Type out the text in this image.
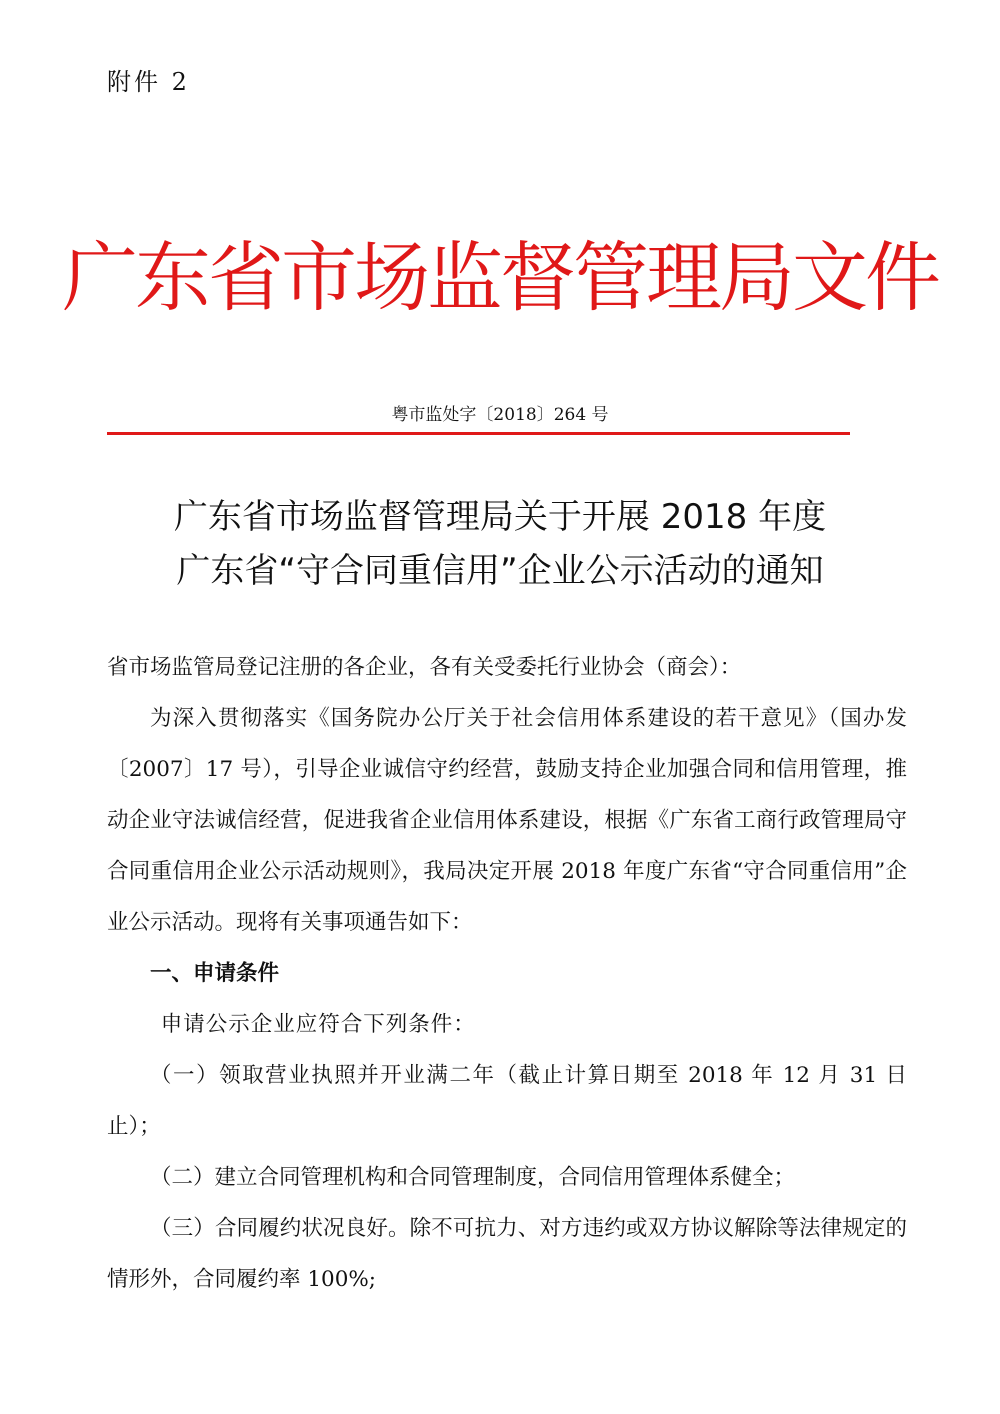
附件 2
广东省市场监督管理局文件
粤市监处字〔2018〕264 号
广东省市场监督管理局关于开展 2018 年度
广东省“守合同重信用”企业公示活动的通知

省市场监管局登记注册的各企业，各有关受委托行业协会（商会）：

为深入贯彻落实《国务院办公厅关于社会信用体系建设的若干意见》（国办发〔2007〕17 号），引导企业诚信守约经营，鼓励支持企业加强合同和信用管理，推动企业守法诚信经营，促进我省企业信用体系建设，根据《广东省工商行政管理局守合同重信用企业公示活动规则》，我局决定开展 2018 年度广东省“守合同重信用”企业公示活动。现将有关事项通告如下：

一、申请条件

申请公示企业应符合下列条件：

（一）领取营业执照并开业满二年（截止计算日期至 2018 年 12 月 31 日止）；

（二）建立合同管理机构和合同管理制度，合同信用管理体系健全；

（三）合同履约状况良好。除不可抗力、对方违约或双方协议解除等法律规定的情形外，合同履约率 100%;
